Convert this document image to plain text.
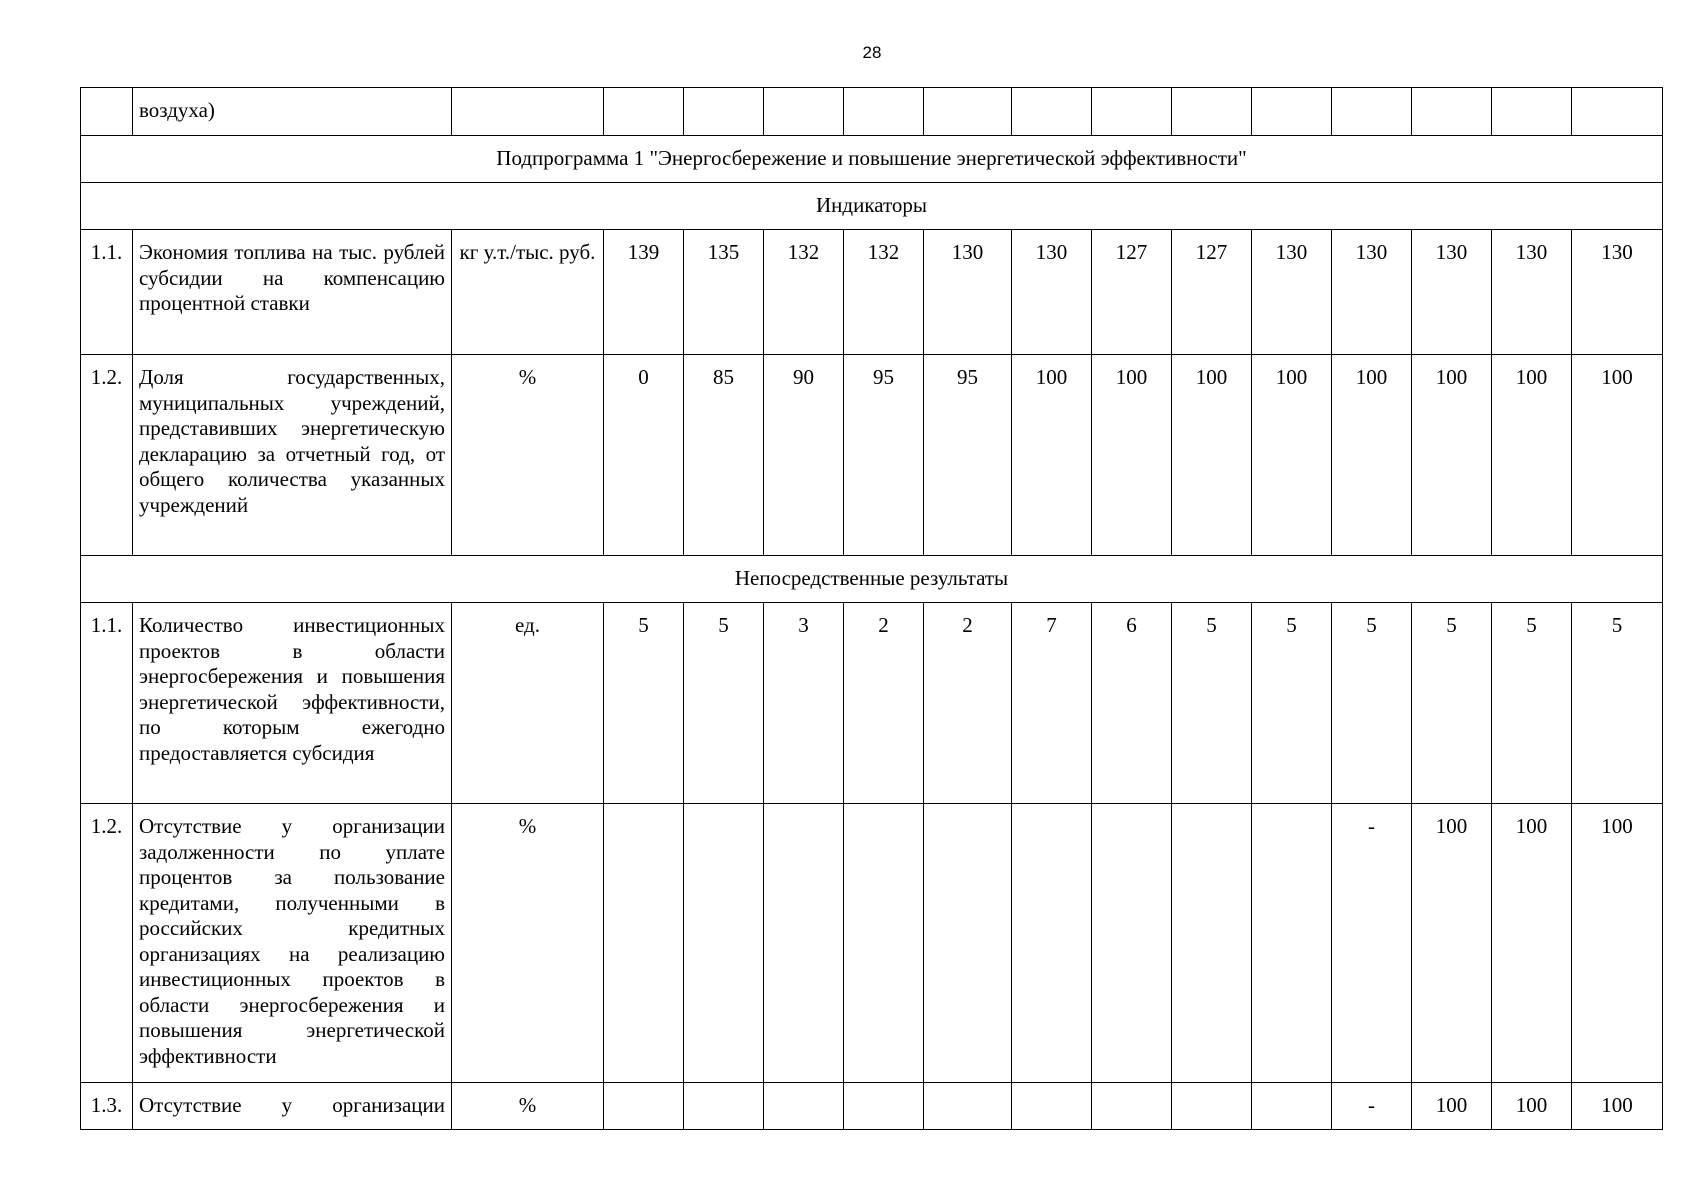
28
	воздуха)														
Подпрограмма 1 "Энергосбережение и повышение энергетической эффективности"															
Индикаторы															
1.1.	Экономия топлива на тыс. рублей субсидии на компенсацию процентной ставки	кг у.т./тыс. руб.	139	135	132	132	130	130	127	127	130	130	130	130	130
1.2.	Доля государственных, муниципальных учреждений, представивших энергетическую декларацию за отчетный год, от общего количества указанных учреждений	%	0	85	90	95	95	100	100	100	100	100	100	100	100
Непосредственные результаты															
1.1.	Количество инвестиционных проектов в области энергосбережения и повышения энергетической эффективности, по которым ежегодно предоставляется субсидия	ед.	5	5	3	2	2	7	6	5	5	5	5	5	5
1.2.	Отсутствие у организации задолженности по уплате процентов за пользование кредитами, полученными в российских кредитных организациях на реализацию инвестиционных проектов в области энергосбережения и повышения энергетической эффективности	%										-	100	100	100
1.3.	Отсутствие у организации	%										-	100	100	100
